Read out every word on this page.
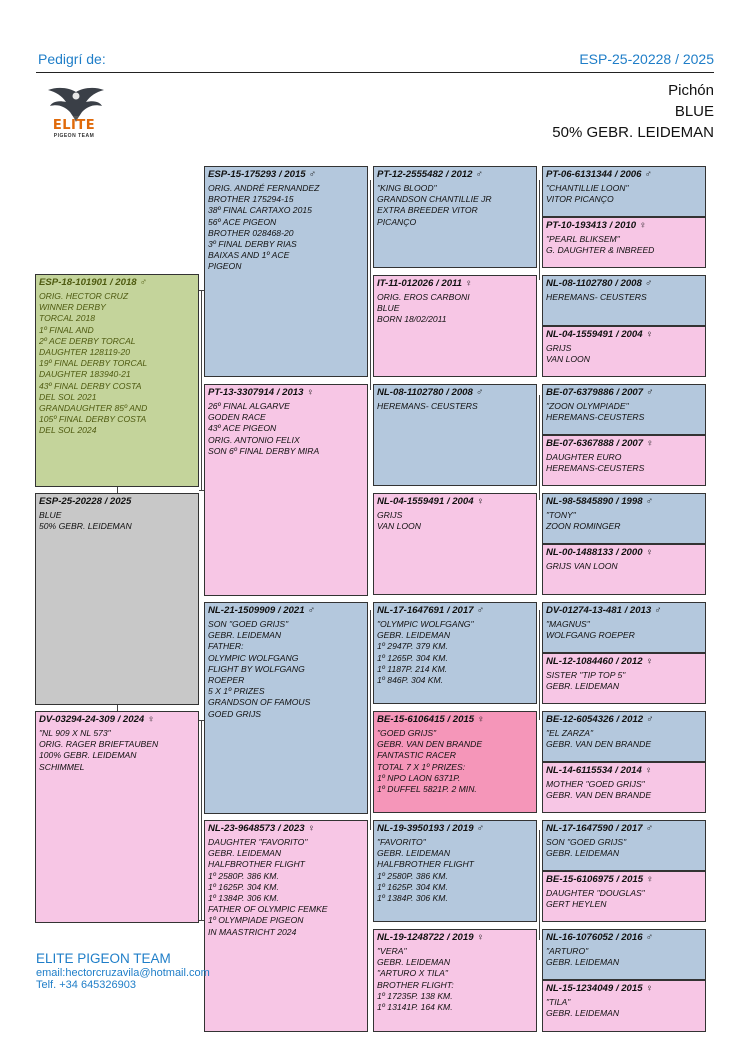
Pedigrí de:	ESP-25-20228 / 2025
ELITE
PIGEON TEAM
Pichón
BLUE
50% GEBR. LEIDEMAN
ESP-25-20228 / 2025
BLUE
50% GEBR. LEIDEMAN
ESP-18-101901 / 2018 ♂
ORIG. HECTOR CRUZ
WINNER DERBY
TORCAL 2018
1º FINAL AND
2º ACE DERBY TORCAL
DAUGHTER 128119-20
19º FINAL DERBY TORCAL
DAUGHTER 183940-21
43º FINAL DERBY COSTA
DEL SOL 2021
GRANDAUGHTER 85º AND
105º FINAL DERBY COSTA
DEL SOL 2024
DV-03294-24-309 / 2024 ♀
"NL 909 X NL 573"
ORIG. RAGER BRIEFTAUBEN
100% GEBR. LEIDEMAN
SCHIMMEL
ESP-15-175293 / 2015 ♂
ORIG. ANDRÉ FERNANDEZ
BROTHER 175294-15
38º FINAL CARTAXO 2015
56º ACE PIGEON
BROTHER 028468-20
3º FINAL DERBY RIAS
BAIXAS AND 1º ACE
PIGEON
PT-13-3307914 / 2013 ♀
26º FINAL ALGARVE
GODEN RACE
43º ACE PIGEON
ORIG. ANTONIO FELIX
SON 6º FINAL DERBY MIRA
NL-21-1509909 / 2021 ♂
SON "GOED GRIJS"
GEBR. LEIDEMAN
FATHER:
OLYMPIC WOLFGANG
FLIGHT BY WOLFGANG
ROEPER
5 X 1º PRIZES
GRANDSON OF FAMOUS
GOED GRIJS
NL-23-9648573 / 2023 ♀
DAUGHTER "FAVORITO"
GEBR. LEIDEMAN
HALFBROTHER FLIGHT
1º 2580P. 386 KM.
1º 1625P. 304 KM.
1º 1384P. 306 KM.
FATHER OF OLYMPIC FEMKE
1º OLYMPIADE PIGEON
IN MAASTRICHT 2024
PT-12-2555482 / 2012 ♂
"KING BLOOD"
GRANDSON CHANTILLIE JR
EXTRA BREEDER VITOR
PICANÇO
IT-11-012026 / 2011 ♀
ORIG. EROS CARBONI
BLUE
BORN 18/02/2011
NL-08-1102780 / 2008 ♂
HEREMANS- CEUSTERS
NL-04-1559491 / 2004 ♀
GRIJS
VAN LOON
NL-17-1647691 / 2017 ♂
"OLYMPIC WOLFGANG"
GEBR. LEIDEMAN
1º 2947P. 379 KM.
1º 1265P. 304 KM.
1º 1187P. 214 KM.
1º 846P. 304 KM.
BE-15-6106415 / 2015 ♀
"GOED GRIJS"
GEBR. VAN DEN BRANDE
FANTASTIC RACER
TOTAL 7 X 1º PRIZES:
1º NPO LAON 6371P.
1º DUFFEL 5821P. 2 MIN.
NL-19-3950193 / 2019 ♂
"FAVORITO"
GEBR. LEIDEMAN
HALFBROTHER FLIGHT
1º 2580P. 386 KM.
1º 1625P. 304 KM.
1º 1384P. 306 KM.
NL-19-1248722 / 2019 ♀
"VERA"
GEBR. LEIDEMAN
"ARTURO X TILA"
BROTHER FLIGHT:
1º 17235P. 138 KM.
1º 13141P. 164 KM.
PT-06-6131344 / 2006 ♂
"CHANTILLIE LOON"
VITOR PICANÇO
PT-10-193413 / 2010 ♀
"PEARL BLIKSEM"
G. DAUGHTER & INBREED
NL-08-1102780 / 2008 ♂
HEREMANS- CEUSTERS
NL-04-1559491 / 2004 ♀
GRIJS
VAN LOON
BE-07-6379886 / 2007 ♂
"ZOON OLYMPIADE"
HEREMANS-CEUSTERS
BE-07-6367888 / 2007 ♀
DAUGHTER EURO
HEREMANS-CEUSTERS
NL-98-5845890 / 1998 ♂
"TONY"
ZOON ROMINGER
NL-00-1488133 / 2000 ♀
GRIJS VAN LOON
DV-01274-13-481 / 2013 ♂
"MAGNUS"
WOLFGANG ROEPER
NL-12-1084460 / 2012 ♀
SISTER "TIP TOP 5"
GEBR. LEIDEMAN
BE-12-6054326 / 2012 ♂
"EL ZARZA"
GEBR. VAN DEN BRANDE
NL-14-6115534 / 2014 ♀
MOTHER "GOED GRIJS"
GEBR. VAN DEN BRANDE
NL-17-1647590 / 2017 ♂
SON "GOED GRIJS"
GEBR. LEIDEMAN
BE-15-6106975 / 2015 ♀
DAUGHTER "DOUGLAS"
GERT HEYLEN
NL-16-1076052 / 2016 ♂
"ARTURO"
GEBR. LEIDEMAN
NL-15-1234049 / 2015 ♀
"TILA"
GEBR. LEIDEMAN
ELITE PIGEON TEAM
email:hectorcruzavila@hotmail.com
Telf. +34 645326903
